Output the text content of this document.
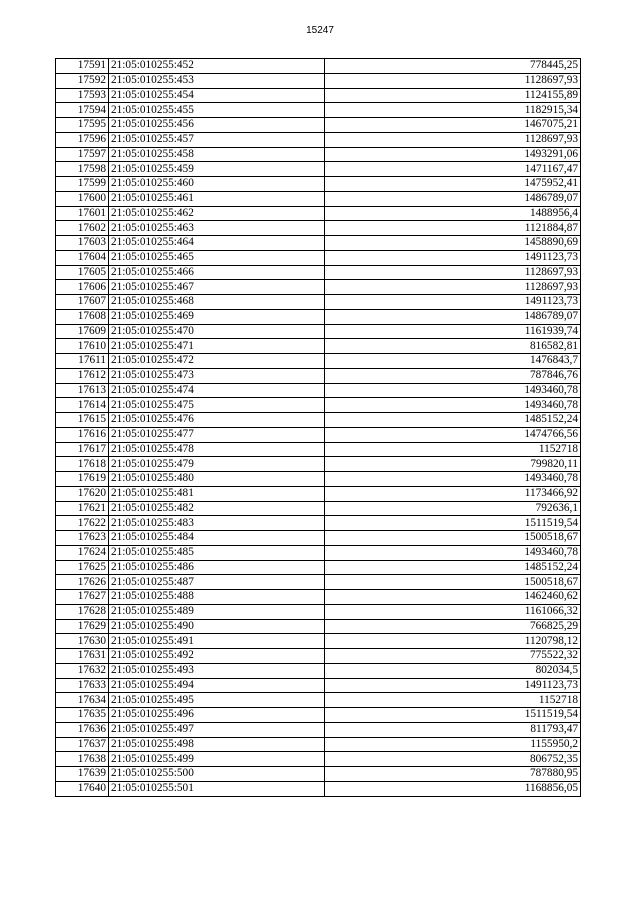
15247
17591	21:05:010255:452	778445,25
17592	21:05:010255:453	1128697,93
17593	21:05:010255:454	1124155,89
17594	21:05:010255:455	1182915,34
17595	21:05:010255:456	1467075,21
17596	21:05:010255:457	1128697,93
17597	21:05:010255:458	1493291,06
17598	21:05:010255:459	1471167,47
17599	21:05:010255:460	1475952,41
17600	21:05:010255:461	1486789,07
17601	21:05:010255:462	1488956,4
17602	21:05:010255:463	1121884,87
17603	21:05:010255:464	1458890,69
17604	21:05:010255:465	1491123,73
17605	21:05:010255:466	1128697,93
17606	21:05:010255:467	1128697,93
17607	21:05:010255:468	1491123,73
17608	21:05:010255:469	1486789,07
17609	21:05:010255:470	1161939,74
17610	21:05:010255:471	816582,81
17611	21:05:010255:472	1476843,7
17612	21:05:010255:473	787846,76
17613	21:05:010255:474	1493460,78
17614	21:05:010255:475	1493460,78
17615	21:05:010255:476	1485152,24
17616	21:05:010255:477	1474766,56
17617	21:05:010255:478	1152718
17618	21:05:010255:479	799820,11
17619	21:05:010255:480	1493460,78
17620	21:05:010255:481	1173466,92
17621	21:05:010255:482	792636,1
17622	21:05:010255:483	1511519,54
17623	21:05:010255:484	1500518,67
17624	21:05:010255:485	1493460,78
17625	21:05:010255:486	1485152,24
17626	21:05:010255:487	1500518,67
17627	21:05:010255:488	1462460,62
17628	21:05:010255:489	1161066,32
17629	21:05:010255:490	766825,29
17630	21:05:010255:491	1120798,12
17631	21:05:010255:492	775522,32
17632	21:05:010255:493	802034,5
17633	21:05:010255:494	1491123,73
17634	21:05:010255:495	1152718
17635	21:05:010255:496	1511519,54
17636	21:05:010255:497	811793,47
17637	21:05:010255:498	1155950,2
17638	21:05:010255:499	806752,35
17639	21:05:010255:500	787880,95
17640	21:05:010255:501	1168856,05
